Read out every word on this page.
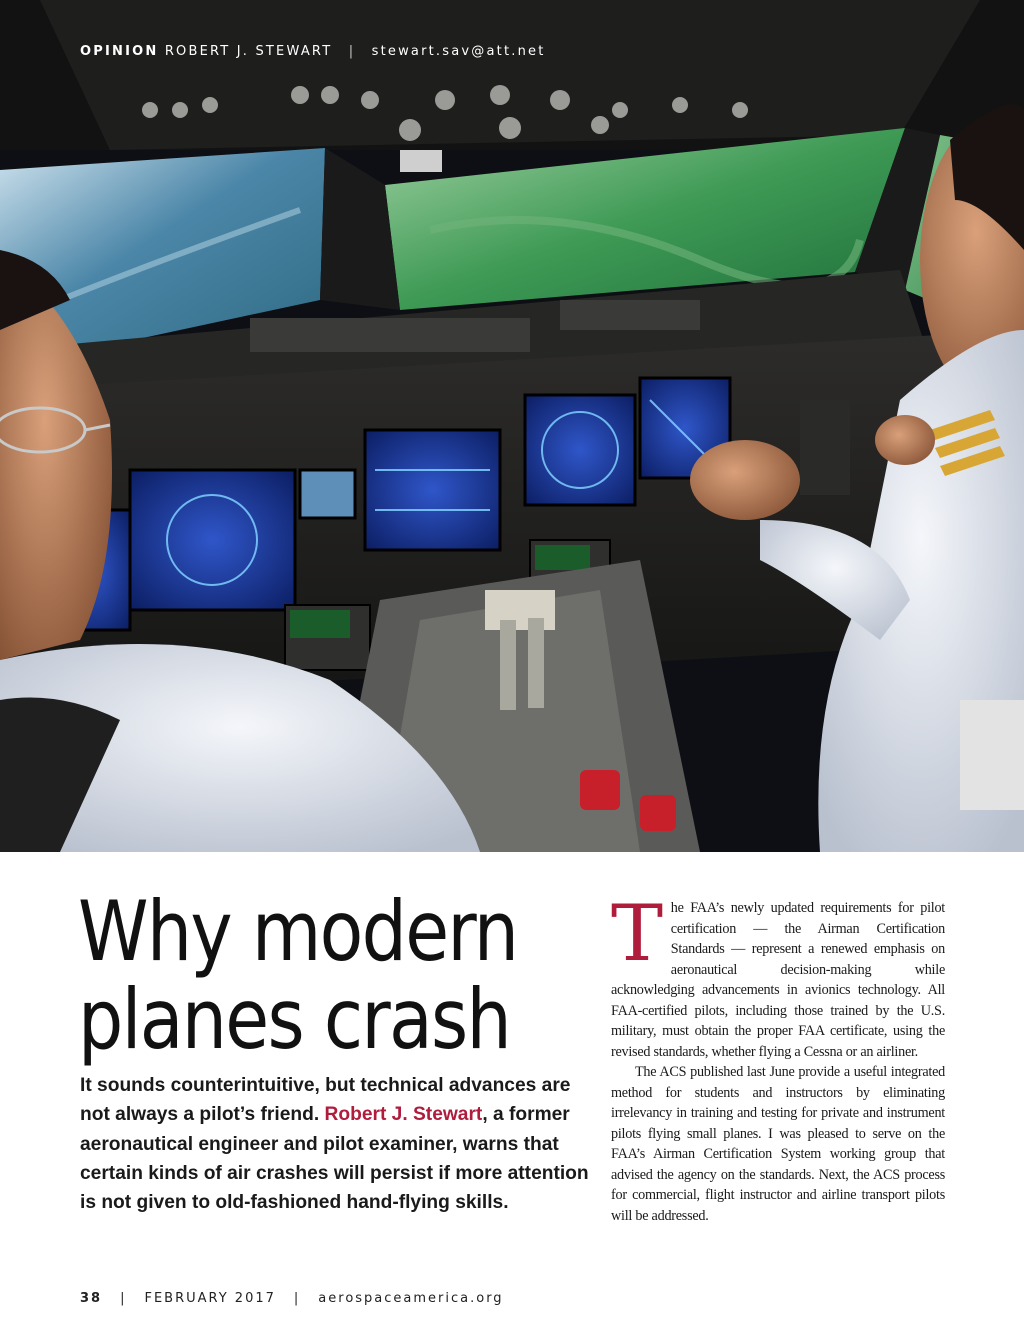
OPINION ROBERT J. STEWART | stewart.sav@att.net
Why modern
planes crash

It sounds counterintuitive, but technical advances are not always a pilot’s friend. Robert J. Stewart, a former aeronautical engineer and pilot examiner, warns that certain kinds of air crashes will persist if more attention is not given to old-fashioned hand-flying skills.

The FAA’s newly updated requirements for pilot certification — the Airman Certification Standards — represent a renewed emphasis on aeronautical decision-making while acknowledging advancements in avionics technology. All FAA-certified pilots, including those trained by the U.S. military, must obtain the proper FAA certificate, using the revised standards, whether flying a Cessna or an airliner.

The ACS published last June provide a useful integrated method for students and instructors by eliminating irrelevancy in training and testing for private and instrument pilots flying small planes. I was pleased to serve on the FAA’s Airman Certification System working group that advised the agency on the standards. Next, the ACS process for commercial, flight instructor and airline transport pilots will be addressed.

38 | FEBRUARY 2017 | aerospaceamerica.org
